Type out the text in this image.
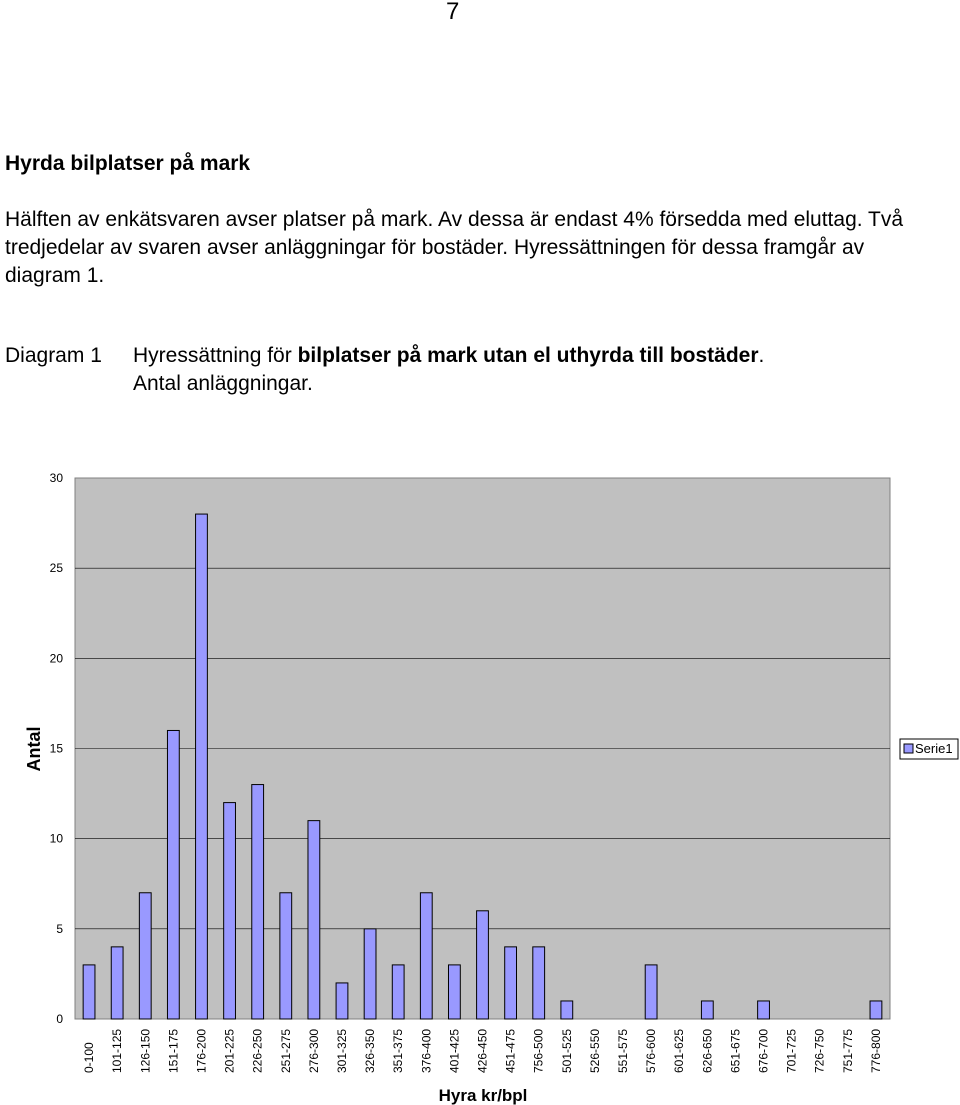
7
Hyrda bilplatser på mark
Hälften av enkätsvaren avser platser på mark. Av dessa är endast 4% försedda med eluttag. Två tredjedelar av svaren avser anläggningar för bostäder. Hyressättningen för dessa framgår av diagram 1.
Diagram 1 Hyressättning för bilplatser på mark utan el uthyrda till bostäder.
Antal anläggningar.
0
5
10
15
20
25
30
0-100 101-125 126-150 151-175 176-200 201-225 226-250 251-275 276-300 301-325 326-350 351-375 376-400 401-425 426-450 451-475 756-500 501-525 526-550 551-575 576-600 601-625 626-650 651-675 676-700 701-725 726-750 751-775 776-800
Antal
Hyra kr/bpl
Serie1
